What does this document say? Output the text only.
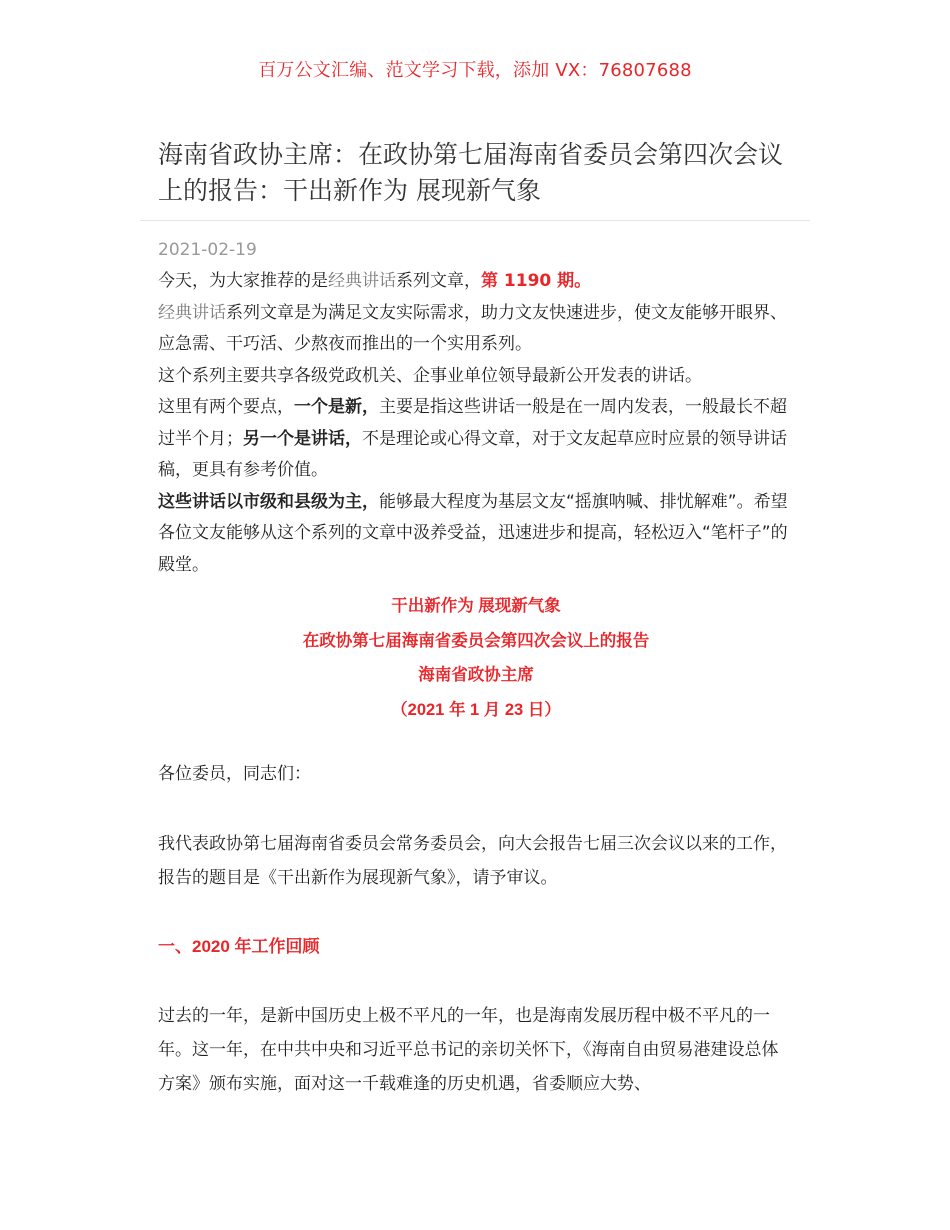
百万公文汇编、范文学习下载，添加 VX：76807688
海南省政协主席：在政协第七届海南省委员会第四次会议上的报告：干出新作为 展现新气象
2021-02-19

今天，为大家推荐的是经典讲话系列文章，第 1190 期。

经典讲话系列文章是为满足文友实际需求，助力文友快速进步，使文友能够开眼界、应急需、干巧活、少熬夜而推出的一个实用系列。

这个系列主要共享各级党政机关、企事业单位领导最新公开发表的讲话。

这里有两个要点，一个是新，主要是指这些讲话一般是在一周内发表，一般最长不超过半个月；另一个是讲话，不是理论或心得文章，对于文友起草应时应景的领导讲话稿，更具有参考价值。

这些讲话以市级和县级为主，能够最大程度为基层文友“摇旗呐喊、排忧解难”。希望各位文友能够从这个系列的文章中汲养受益，迅速进步和提高，轻松迈入“笔杆子”的殿堂。

干出新作为 展现新气象
在政协第七届海南省委员会第四次会议上的报告
海南省政协主席
（2021 年 1 月 23 日）
各位委员，同志们：
我代表政协第七届海南省委员会常务委员会，向大会报告七届三次会议以来的工作，报告的题目是《干出新作为展现新气象》，请予审议。
一、2020 年工作回顾
过去的一年，是新中国历史上极不平凡的一年，也是海南发展历程中极不平凡的一年。这一年，在中共中央和习近平总书记的亲切关怀下，《海南自由贸易港建设总体方案》颁布实施，面对这一千载难逢的历史机遇，省委顺应大势、
